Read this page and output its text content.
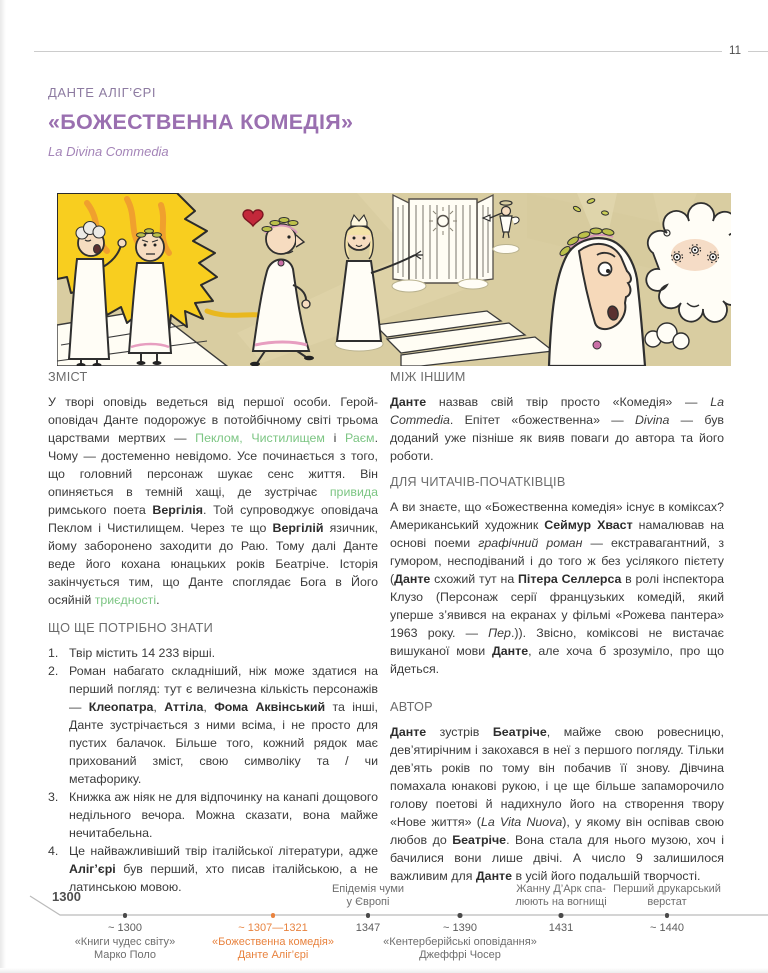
11
ДАНТЕ АЛІГ’ЄРІ
«БОЖЕСТВЕННА КОМЕДІЯ»
La Divina Commedia
ЗМІСТ

У творі оповідь ведеться від першої особи. Герой-оповідач Данте подорожує в потойбічному світі трьома царствами мертвих — Пеклом, Чистилищем і Раєм. Чому — достеменно невідомо. Усе починається з того, що головний персонаж шукає сенс життя. Він опиняється в темній хащі, де зустрічає привида римського поета Вергілія. Той супроводжує оповідача Пеклом і Чистилищем. Через те що Вергілій язичник, йому заборонено заходити до Раю. Тому далі Данте веде його кохана юнацьких років Беатріче. Історія закінчується тим, що Данте споглядає Бога в Його осяйній триєдності.

ЩО ЩЕ ПОТРІБНО ЗНАТИ
1. Твір містить 14 233 вірші.
2. Роман набагато складніший, ніж може здатися на перший погляд: тут є величезна кількість персонажів — Клеопатра, Аттіла, Фома Аквінський та інші, Данте зустрічається з ними всіма, і не просто для пустих балачок. Більше того, кожний рядок має прихований зміст, свою символіку та / чи метафорику.
3. Книжка аж ніяк не для відпочинку на канапі дощового недільного вечора. Можна сказати, вона майже нечитабельна.
4. Це найважливіший твір італійської літератури, адже Аліг’єрі був перший, хто писав італійською, а не латинською мовою.
МІЖ ІНШИМ

Данте назвав свій твір просто «Комедія» — La Commedia. Епітет «божественна» — Divina — був доданий уже пізніше як вияв поваги до автора та його роботи.

ДЛЯ ЧИТАЧІВ-ПОЧАТКІВЦІВ

А ви знаєте, що «Божественна комедія» існує в коміксах? Американський художник Сеймур Хваст намалював на основі поеми графічний роман — екстравагантний, з гумором, несподіваний і до того ж без усілякого пієтету (Данте схожий тут на Пітера Селлерса в ролі інспектора Клузо (Персонаж серії французьких комедій, який уперше з’явився на екранах у фільмі «Рожева пантера» 1963 року. — Пер.)). Звісно, коміксові не вистачає вишуканої мови Данте, але хоча б зрозуміло, про що йдеться.

АВТОР

Данте зустрів Беатріче, майже свою ровесницю, дев’ятирічним і закохався в неї з першого погляду. Тільки дев’ять років по тому він побачив її знову. Дівчина помахала юнакові рукою, і це ще більше запаморочило голову поетові й надихнуло його на створення твору «Нове життя» (La Vita Nuova), у якому він оспівав свою любов до Беатріче. Вона стала для нього музою, хоч і бачилися вони лише двічі. А число 9 залишилося важливим для Данте в усій його подальшій творчості.

1300
~ 1300
«Книги чудес світу»
Марко Поло
~ 1307—1321
«Божественна комедія»
Данте Аліг’єрі
Епідемія чуми
у Європі
1347	~ 1390
«Кентерберійські оповідання»
Джеффрі Чосер
Жанну Д’Арк спа-
люють на вогнищі
1431
Перший друкарський
верстат
~ 1440
